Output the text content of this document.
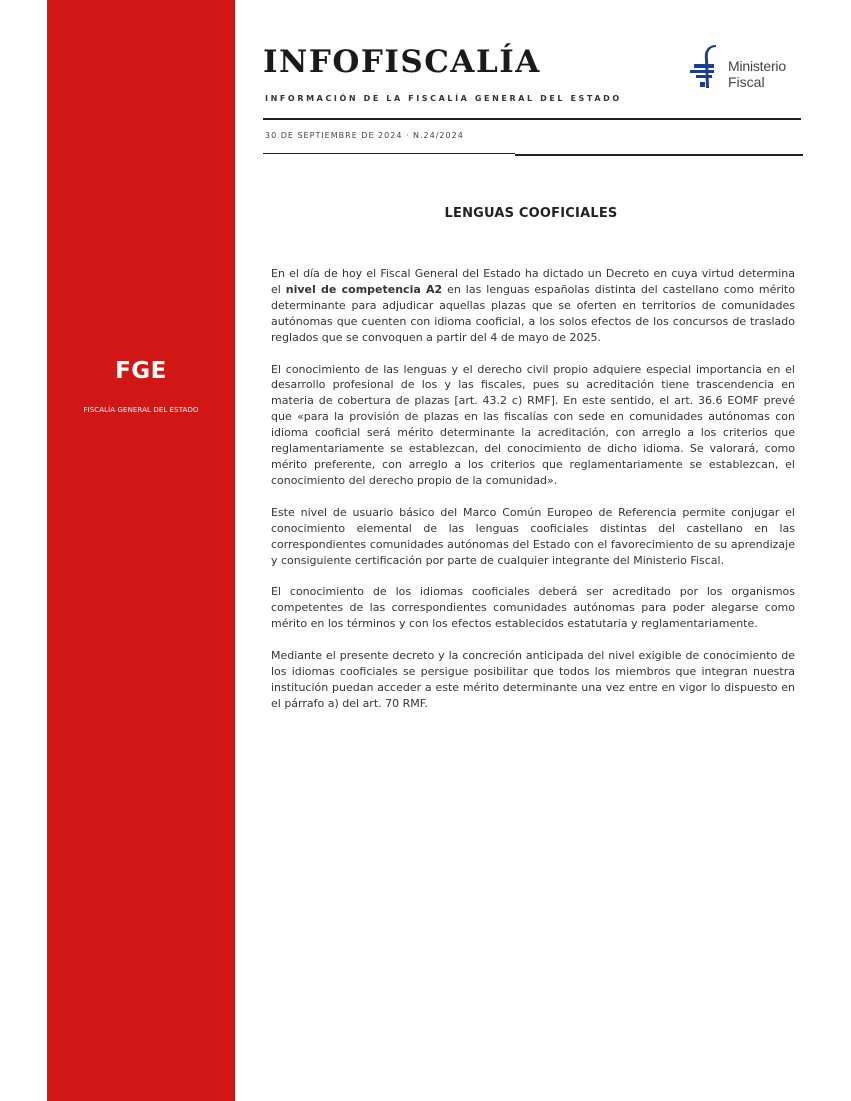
FGE
FISCALÍA GENERAL DEL ESTADO
INFOFISCALÍA
INFORMACIÓN DE LA FISCALÍA GENERAL DEL ESTADO
30 DE SEPTIEMBRE DE 2024 · N.24/2024
Ministerio
Fiscal
LENGUAS COOFICIALES

En el día de hoy el Fiscal General del Estado ha dictado un Decreto en cuya virtud determina el nivel de competencia A2 en las lenguas españolas distinta del castellano como mérito determinante para adjudicar aquellas plazas que se oferten en territorios de comunidades autónomas que cuenten con idioma cooficial, a los solos efectos de los concursos de traslado reglados que se convoquen a partir del 4 de mayo de 2025.

El conocimiento de las lenguas y el derecho civil propio adquiere especial importancia en el desarrollo profesional de los y las fiscales, pues su acreditación tiene trascendencia en materia de cobertura de plazas [art. 43.2 c) RMF]. En este sentido, el art. 36.6 EOMF prevé que «para la provisión de plazas en las fiscalías con sede en comunidades autónomas con idioma cooficial será mérito determinante la acreditación, con arreglo a los criterios que reglamentariamente se establezcan, del conocimiento de dicho idioma. Se valorará, como mérito preferente, con arreglo a los criterios que reglamentariamente se establezcan, el conocimiento del derecho propio de la comunidad».

Este nivel de usuario básico del Marco Común Europeo de Referencia permite conjugar el conocimiento elemental de las lenguas cooficiales distintas del castellano en las correspondientes comunidades autónomas del Estado con el favorecimiento de su aprendizaje y consiguiente certificación por parte de cualquier integrante del Ministerio Fiscal.

El conocimiento de los idiomas cooficiales deberá ser acreditado por los organismos competentes de las correspondientes comunidades autónomas para poder alegarse como mérito en los términos y con los efectos establecidos estatutaria y reglamentariamente.

Mediante el presente decreto y la concreción anticipada del nivel exigible de conocimiento de los idiomas cooficiales se persigue posibilitar que todos los miembros que integran nuestra institución puedan acceder a este mérito determinante una vez entre en vigor lo dispuesto en el párrafo a) del art. 70 RMF.
